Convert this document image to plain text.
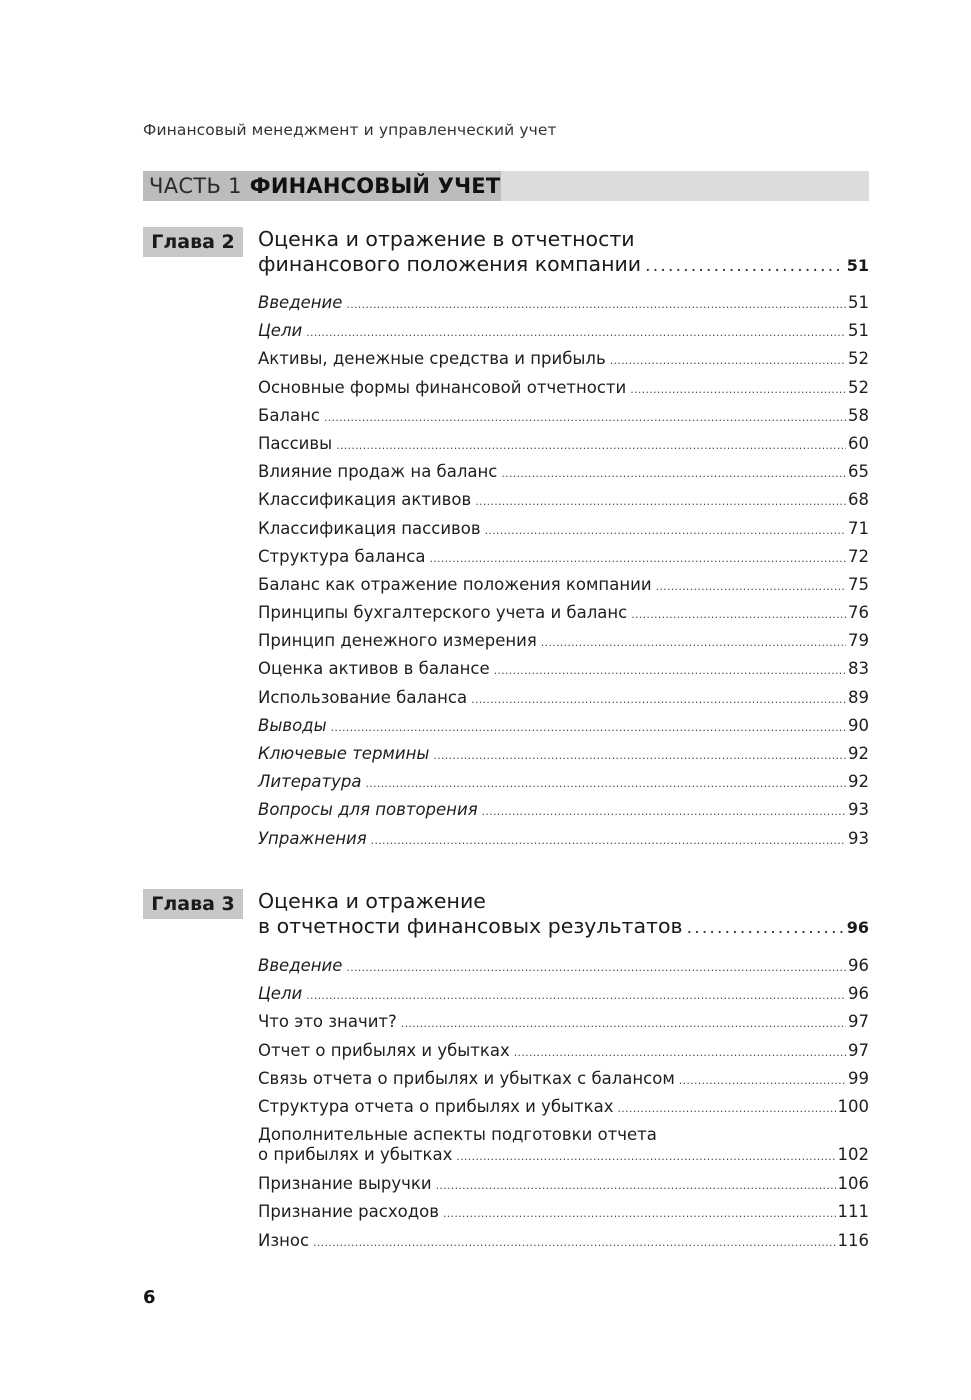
Финансовый менеджмент и управленческий учет
ЧАСТЬ 1 ФИНАНСОВЫЙ УЧЕТ
Глава 2	Оценка и отражение в отчетности
финансового положения компании . . .	51
Введение . . .	51
Цели . . .	51
Активы, денежные средства и прибыль . . .	52
Основные формы финансовой отчетности . . .	52
Баланс . . .	58
Пассивы . . .	60
Влияние продаж на баланс . . .	65
Классификация активов . . .	68
Классификация пассивов . . .	71
Структура баланса . . .	72
Баланс как отражение положения компании . . .	75
Принципы бухгалтерского учета и баланс . . .	76
Принцип денежного измерения . . .	79
Оценка активов в балансе . . .	83
Использование баланса . . .	89
Выводы . . .	90
Ключевые термины . . .	92
Литература . . .	92
Вопросы для повторения . . .	93
Упражнения . . .	93
Глава 3	Оценка и отражение
в отчетности финансовых результатов . . .	96
Введение . . .	96
Цели . . .	96
Что это значит? . . .	97
Отчет о прибылях и убытках . . .	97
Связь отчета о прибылях и убытках с балансом . . .	99
Структура отчета о прибылях и убытках . . .	100
Дополнительные аспекты подготовки отчета
о прибылях и убытках . . .	102
Признание выручки . . .	106
Признание расходов . . .	111
Износ . . .	116
6
